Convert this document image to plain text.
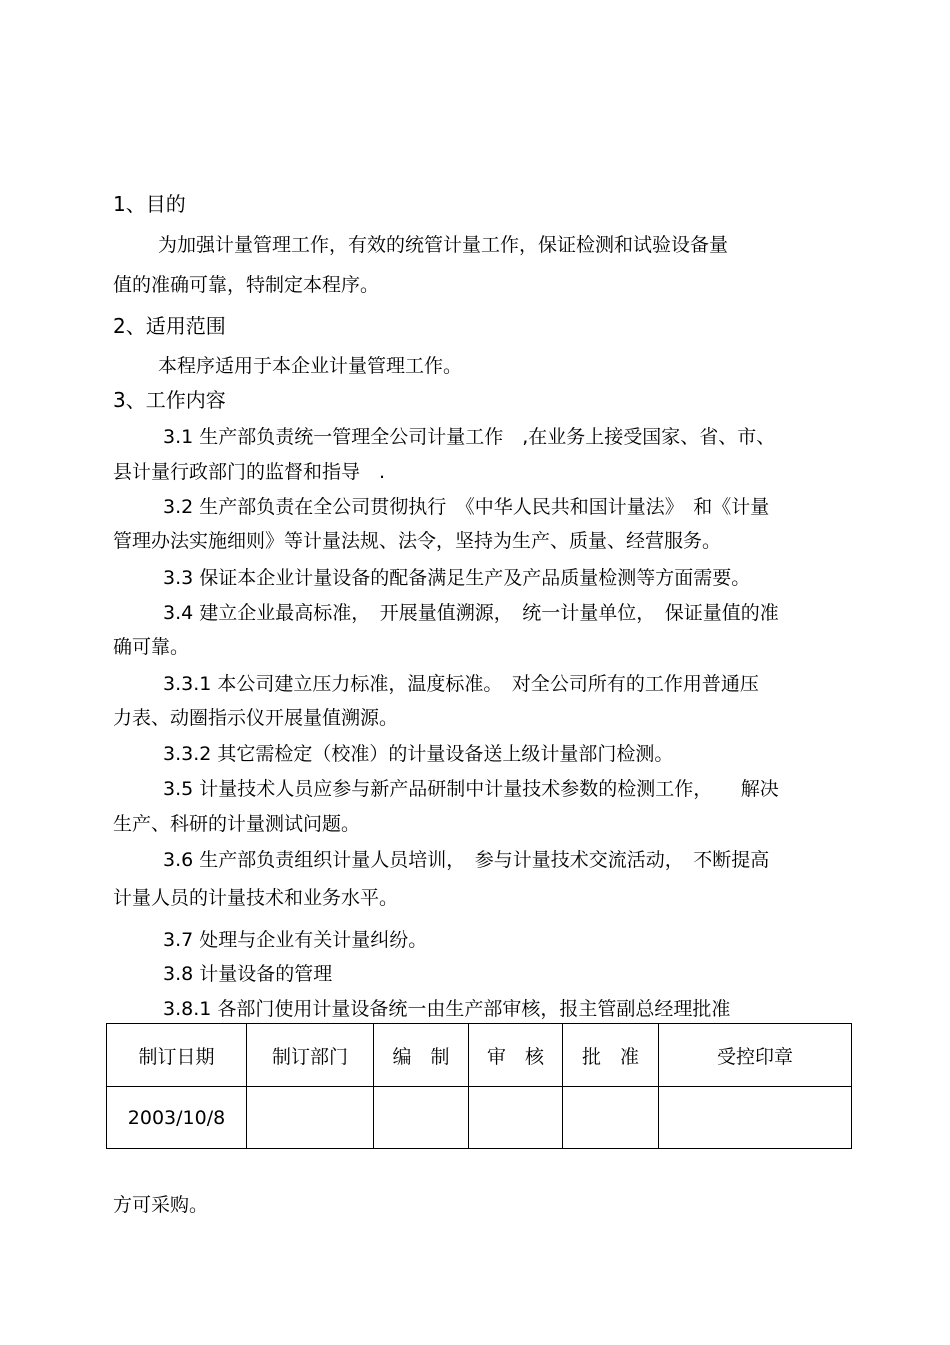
1、目的
为加强计量管理工作，有效的统管计量工作，保证检测和试验设备量
值的准确可靠，特制定本程序。
2、适用范围
本程序适用于本企业计量管理工作。
3、工作内容
3.1 生产部负责统一管理全公司计量工作　,在业务上接受国家、省、市、
县计量行政部门的监督和指导　.
3.2 生产部负责在全公司贯彻执行　《中华人民共和国计量法》　和《计量
管理办法实施细则》等计量法规、法令，坚持为生产、质量、经营服务。
3.3 保证本企业计量设备的配备满足生产及产品质量检测等方面需要。
3.4 建立企业最高标准，　开展量值溯源，　统一计量单位，　保证量值的准
确可靠。
3.3.1 本公司建立压力标准，温度标准。　对全公司所有的工作用普通压
力表、动圈指示仪开展量值溯源。
3.3.2 其它需检定（校准）的计量设备送上级计量部门检测。
3.5 计量技术人员应参与新产品研制中计量技术参数的检测工作，　　解决
生产、科研的计量测试问题。
3.6 生产部负责组织计量人员培训，　参与计量技术交流活动，　不断提高
计量人员的计量技术和业务水平。
3.7 处理与企业有关计量纠纷。
3.8 计量设备的管理
3.8.1 各部门使用计量设备统一由生产部审核，报主管副总经理批准
制订日期	制订部门	编　制	审　核	批　准	受控印章
2003/10/8					
方可采购。
